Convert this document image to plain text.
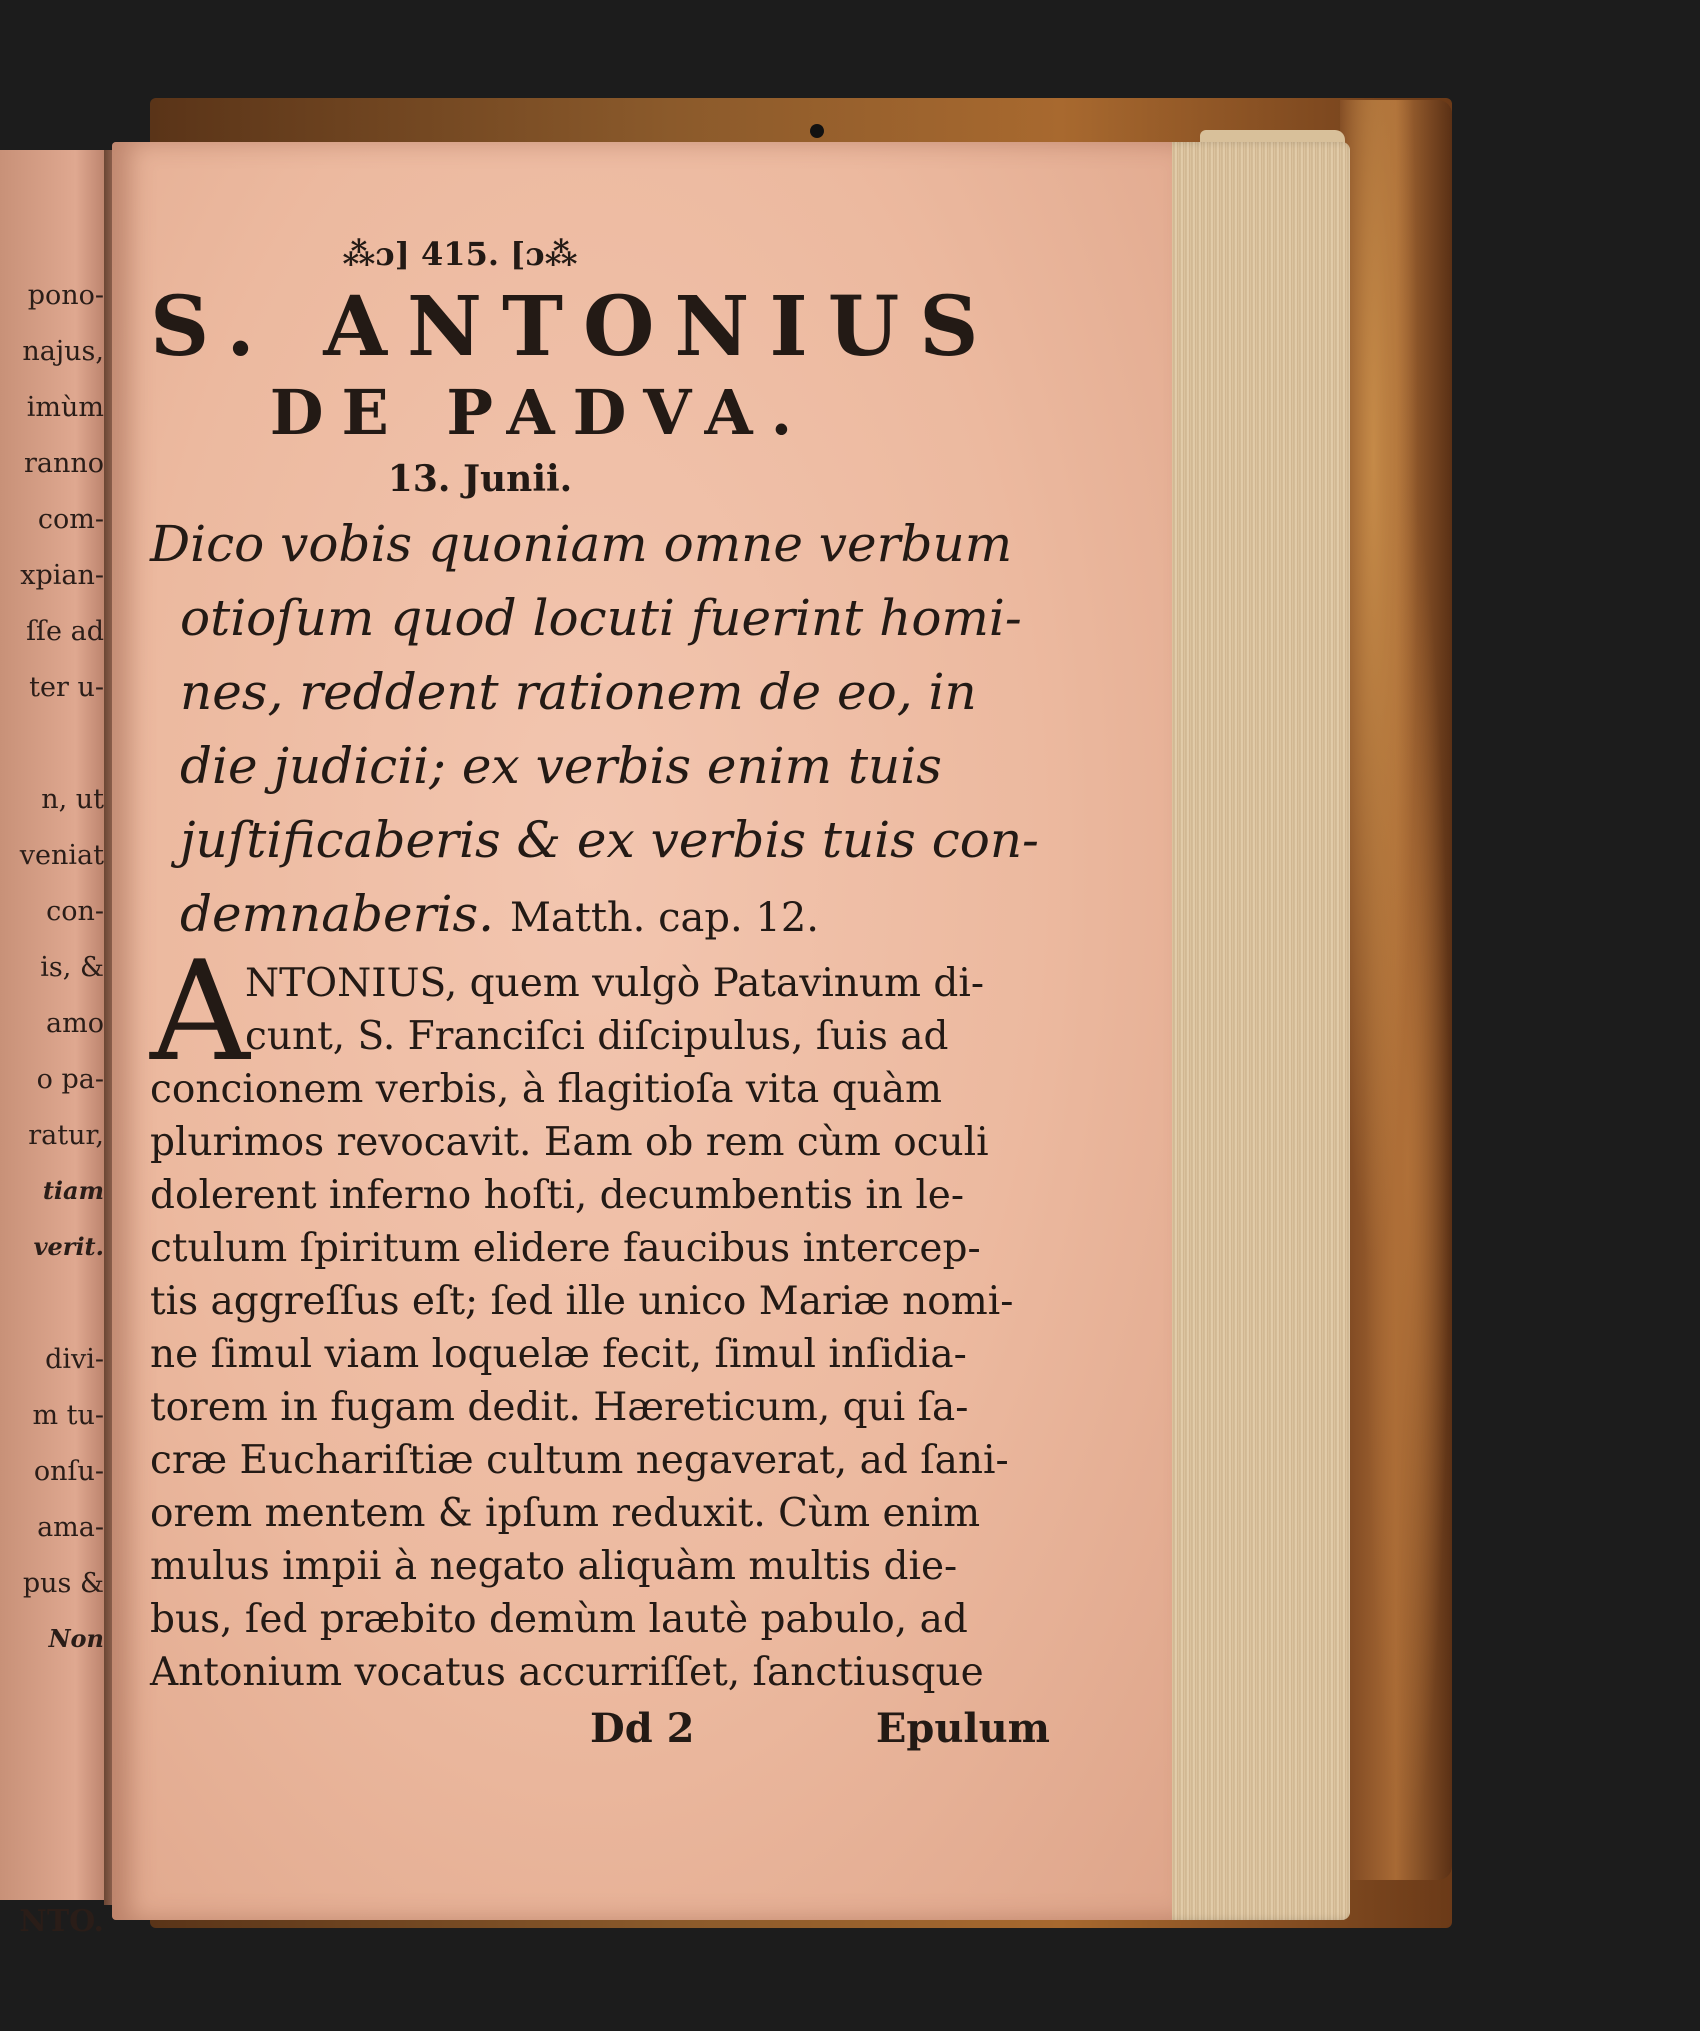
pono-
najus,
imùm
ranno
com-
xpian-
ſſe ad
ter u-
n, ut
veniat
con-
is, &
amo
o pa-
ratur,
tiam
verit.
divi-
m tu-
onſu-
ama-
pus &
Non
NTO.
⁂ɔ] 415. [ɔ⁂
S. ANTONIUS
DE PADVA.
13. Junii.
Dico vobis quoniam omne verbum
otioſum quod locuti fuerint homi-
nes, reddent rationem de eo, in
die judicii; ex verbis enim tuis
juſtificaberis & ex verbis tuis con-
demnaberis. Matth. cap. 12.
A
NTONIUS, quem vulgò Patavinum di-
cunt, S. Franciſci diſcipulus, ſuis ad
concionem verbis, à flagitioſa vita quàm
plurimos revocavit. Eam ob rem cùm oculi
dolerent inferno hoſti, decumbentis in le-
ctulum ſpiritum elidere faucibus intercep-
tis aggreſſus eſt; ſed ille unico Mariæ nomi-
ne ſimul viam loquelæ fecit, ſimul inſidia-
torem in fugam dedit. Hæreticum, qui ſa-
cræ Euchariſtiæ cultum negaverat, ad ſani-
orem mentem & ipſum reduxit. Cùm enim
mulus impii à negato aliquàm multis die-
bus, ſed præbito demùm lautè pabulo, ad
Antonium vocatus accurriſſet, ſanctiusque
Dd 2	Epulum
